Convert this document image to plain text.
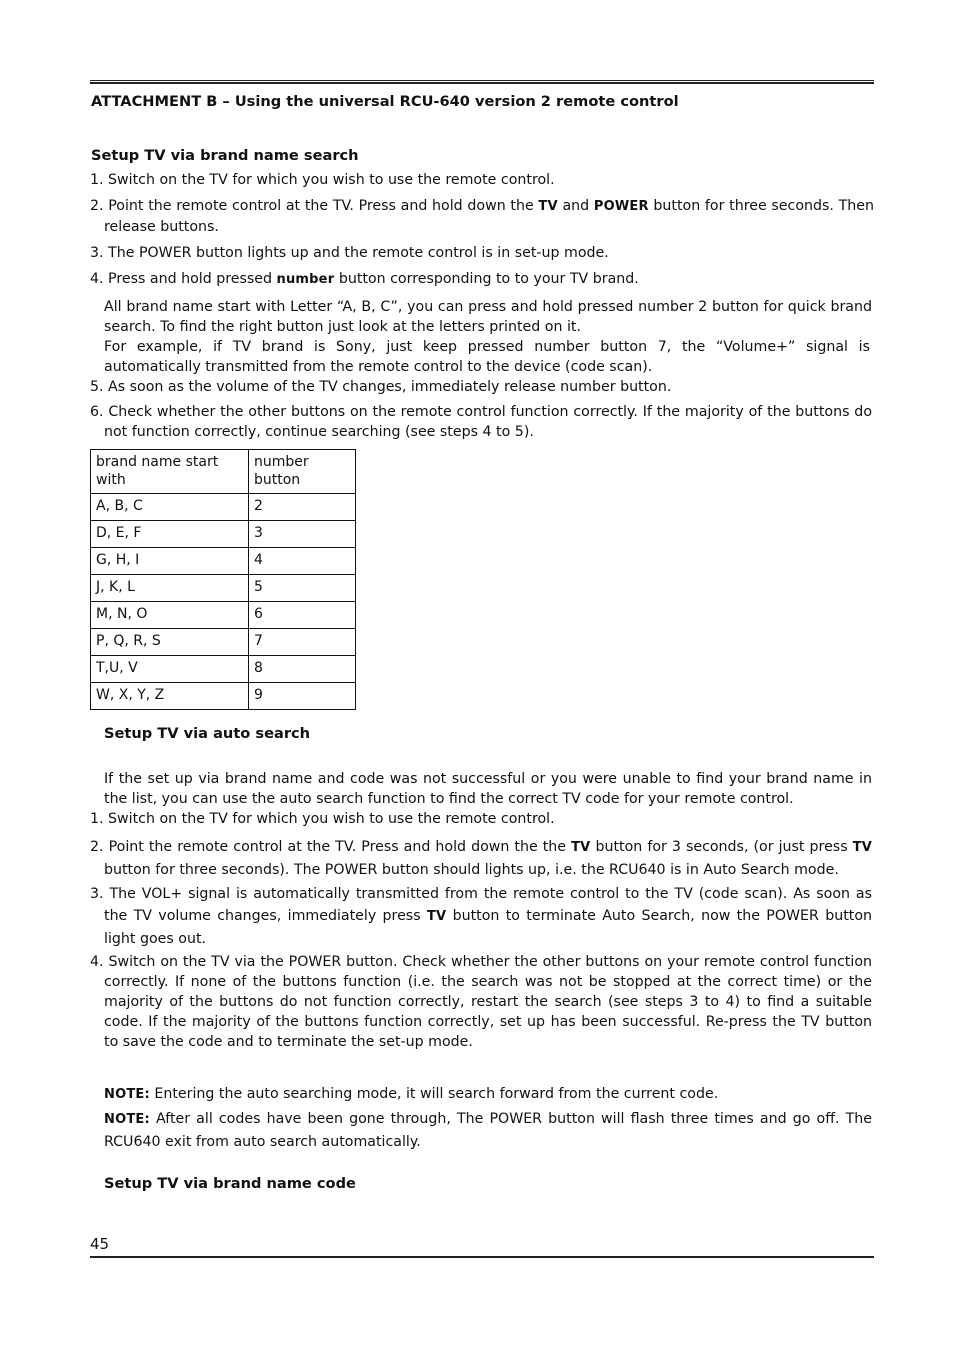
ATTACHMENT B – Using the universal RCU-640 version 2 remote control
Setup TV via brand name search
1. Switch on the TV for which you wish to use the remote control.
2. Point the remote control at the TV. Press and hold down the TV and POWER button for three seconds. Then release buttons.
3. The POWER button lights up and the remote control is in set-up mode.
4. Press and hold pressed number button corresponding to to your TV brand.
All brand name start with Letter “A, B, C”, you can press and hold pressed number 2 button for quick brand search. To find the right button just look at the letters printed on it.
For example, if TV brand is Sony, just keep pressed number button 7, the “Volume+” signal is automatically transmitted from the remote control to the device (code scan).
5. As soon as the volume of the TV changes, immediately release number button.
6. Check whether the other buttons on the remote control function correctly. If the majority of the buttons do not function correctly, continue searching (see steps 4 to 5).
brand name start with	number button
A, B, C	2
D, E, F	3
G, H, I	4
J, K, L	5
M, N, O	6
P, Q, R, S	7
T,U, V	8
W, X, Y, Z	9
Setup TV via auto search
If the set up via brand name and code was not successful or you were unable to find your brand name in the list, you can use the auto search function to find the correct TV code for your remote control.
1. Switch on the TV for which you wish to use the remote control.
2. Point the remote control at the TV. Press and hold down the the TV button for 3 seconds, (or just press TV button for three seconds). The POWER button should lights up, i.e. the RCU640 is in Auto Search mode.
3. The VOL+ signal is automatically transmitted from the remote control to the TV (code scan). As soon as the TV volume changes, immediately press TV button to terminate Auto Search, now the POWER button light goes out.
4. Switch on the TV via the POWER button. Check whether the other buttons on your remote control function correctly. If none of the buttons function (i.e. the search was not be stopped at the correct time) or the majority of the buttons do not function correctly, restart the search (see steps 3 to 4) to find a suitable code. If the majority of the buttons function correctly, set up has been successful. Re-press the TV button to save the code and to terminate the set-up mode.
NOTE: Entering the auto searching mode, it will search forward from the current code.
NOTE: After all codes have been gone through, The POWER button will flash three times and go off. The RCU640 exit from auto search automatically.
Setup TV via brand name code
45
